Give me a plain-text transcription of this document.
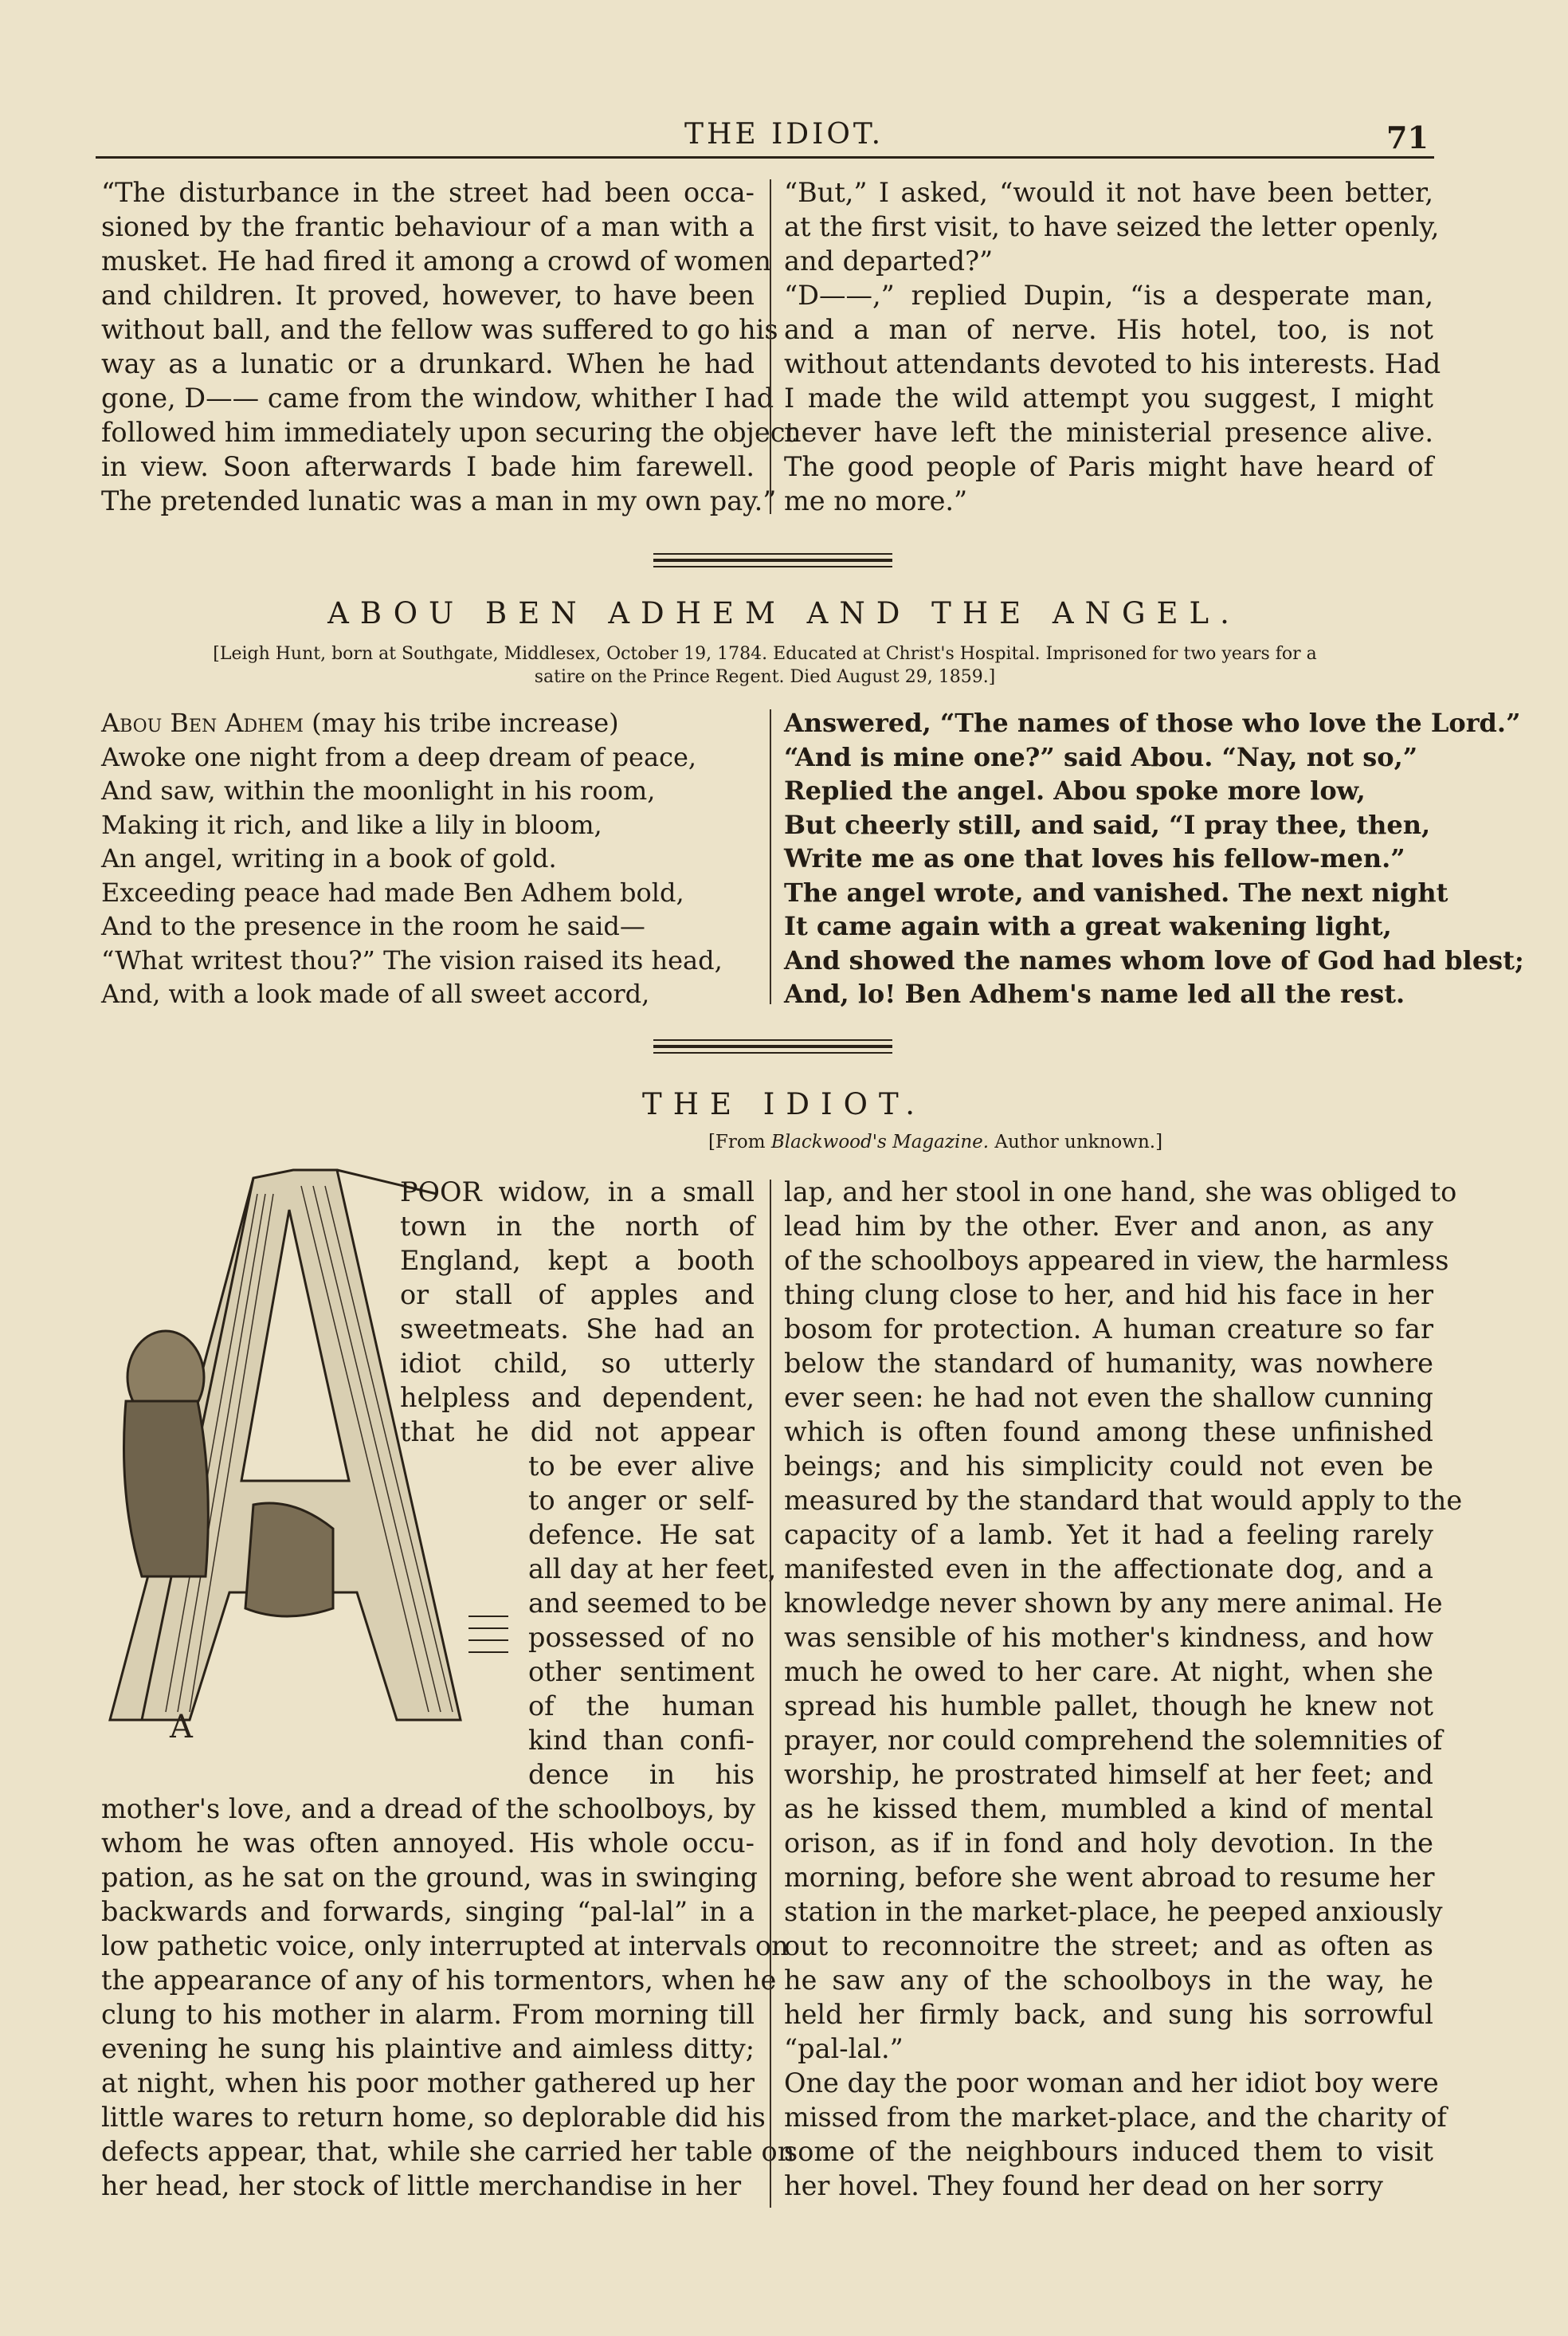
THE IDIOT.	71
“The disturbance in the street had been occa-
sioned by the frantic behaviour of a man with a
musket. He had fired it among a crowd of women
and children. It proved, however, to have been
without ball, and the fellow was suffered to go his
way as a lunatic or a drunkard. When he had
gone, D—— came from the window, whither I had
followed him immediately upon securing the object
in view. Soon afterwards I bade him farewell.
The pretended lunatic was a man in my own pay.”
“But,” I asked, “would it not have been better,
at the first visit, to have seized the letter openly,
and departed?”
“D——,” replied Dupin, “is a desperate man,
and a man of nerve. His hotel, too, is not
without attendants devoted to his interests. Had
I made the wild attempt you suggest, I might
never have left the ministerial presence alive.
The good people of Paris might have heard of
me no more.”
ABOU BEN ADHEM AND THE ANGEL.
[Leigh Hunt, born at Southgate, Middlesex, October 19, 1784. Educated at Christ's Hospital. Imprisoned for two years for a
satire on the Prince Regent. Died August 29, 1859.]
Abou Ben Adhem (may his tribe increase)
Awoke one night from a deep dream of peace,
And saw, within the moonlight in his room,
Making it rich, and like a lily in bloom,
An angel, writing in a book of gold.
Exceeding peace had made Ben Adhem bold,
And to the presence in the room he said—
“What writest thou?” The vision raised its head,
And, with a look made of all sweet accord,
Answered, “The names of those who love the Lord.”
“And is mine one?” said Abou. “Nay, not so,”
Replied the angel. Abou spoke more low,
But cheerly still, and said, “I pray thee, then,
Write me as one that loves his fellow-men.”
The angel wrote, and vanished. The next night
It came again with a great wakening light,
And showed the names whom love of God had blest;
And, lo! Ben Adhem's name led all the rest.
THE IDIOT.
[From Blackwood's Magazine. Author unknown.]
A
POOR widow, in a small
town in the north of
England, kept a booth
or stall of apples and
sweetmeats. She had an
idiot child, so utterly
helpless and dependent,
that he did not appear
to be ever alive
to anger or self-
defence. He sat
all day at her feet,
and seemed to be
possessed of no
other sentiment
of the human
kind than confi-
dence in his
mother's love, and a dread of the schoolboys, by
whom he was often annoyed. His whole occu-
pation, as he sat on the ground, was in swinging
backwards and forwards, singing “pal-lal” in a
low pathetic voice, only interrupted at intervals on
the appearance of any of his tormentors, when he
clung to his mother in alarm. From morning till
evening he sung his plaintive and aimless ditty;
at night, when his poor mother gathered up her
little wares to return home, so deplorable did his
defects appear, that, while she carried her table on
her head, her stock of little merchandise in her
lap, and her stool in one hand, she was obliged to
lead him by the other. Ever and anon, as any
of the schoolboys appeared in view, the harmless
thing clung close to her, and hid his face in her
bosom for protection. A human creature so far
below the standard of humanity, was nowhere
ever seen: he had not even the shallow cunning
which is often found among these unfinished
beings; and his simplicity could not even be
measured by the standard that would apply to the
capacity of a lamb. Yet it had a feeling rarely
manifested even in the affectionate dog, and a
knowledge never shown by any mere animal. He
was sensible of his mother's kindness, and how
much he owed to her care. At night, when she
spread his humble pallet, though he knew not
prayer, nor could comprehend the solemnities of
worship, he prostrated himself at her feet; and
as he kissed them, mumbled a kind of mental
orison, as if in fond and holy devotion. In the
morning, before she went abroad to resume her
station in the market-place, he peeped anxiously
out to reconnoitre the street; and as often as
he saw any of the schoolboys in the way, he
held her firmly back, and sung his sorrowful
“pal-lal.”
One day the poor woman and her idiot boy were
missed from the market-place, and the charity of
some of the neighbours induced them to visit
her hovel. They found her dead on her sorry
